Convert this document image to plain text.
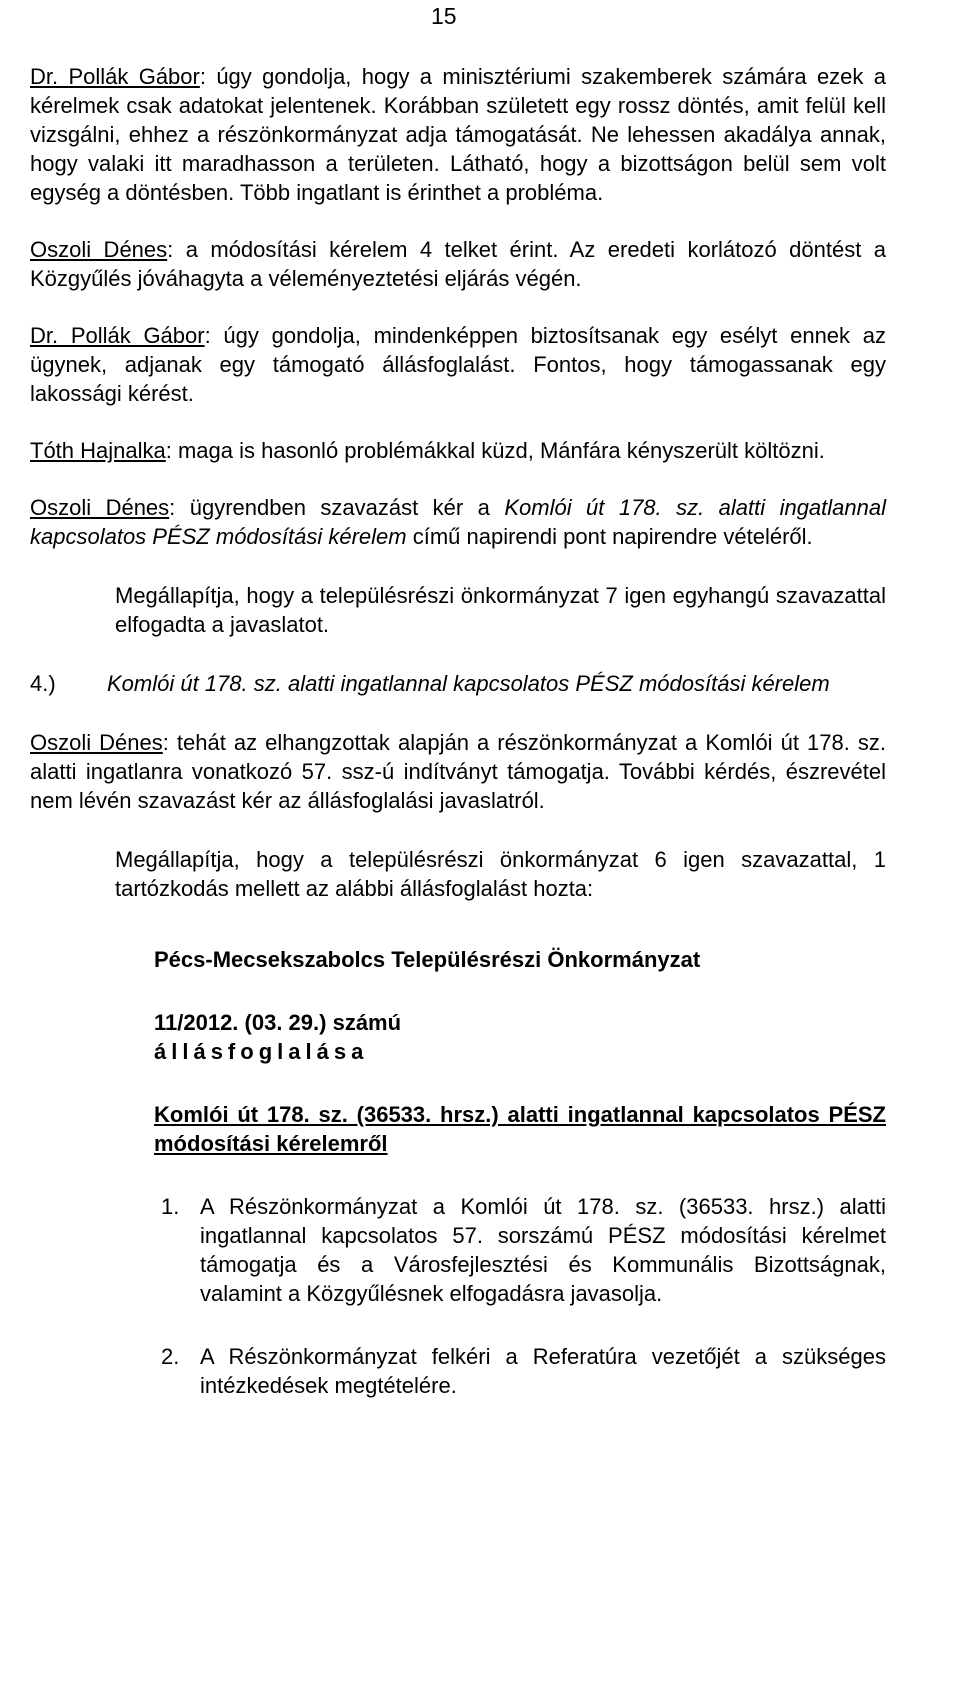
15

Dr. Pollák Gábor: úgy gondolja, hogy a minisztériumi szakemberek számára ezek a kérelmek csak adatokat jelentenek. Korábban született egy rossz döntés, amit felül kell vizsgálni, ehhez a részönkormányzat adja támogatását. Ne lehessen akadálya annak, hogy valaki itt maradhasson a területen. Látható, hogy a bizottságon belül sem volt egység a döntésben. Több ingatlant is érinthet a probléma.

Oszoli Dénes: a módosítási kérelem 4 telket érint. Az eredeti korlátozó döntést a Közgyűlés jóváhagyta a véleményeztetési eljárás végén.

Dr. Pollák Gábor: úgy gondolja, mindenképpen biztosítsanak egy esélyt ennek az ügynek, adjanak egy támogató állásfoglalást. Fontos, hogy támogassanak egy lakossági kérést.

Tóth Hajnalka: maga is hasonló problémákkal küzd, Mánfára kényszerült költözni.

Oszoli Dénes: ügyrendben szavazást kér a Komlói út 178. sz. alatti ingatlannal kapcsolatos PÉSZ módosítási kérelem című napirendi pont napirendre vételéről.

Megállapítja, hogy a településrészi önkormányzat 7 igen egyhangú szavazattal elfogadta a javaslatot.

4.)	Komlói út 178. sz. alatti ingatlannal kapcsolatos PÉSZ módosítási kérelem

Oszoli Dénes: tehát az elhangzottak alapján a részönkormányzat a Komlói út 178. sz. alatti ingatlanra vonatkozó 57. ssz-ú indítványt támogatja. További kérdés, észrevétel nem lévén szavazást kér az állásfoglalási javaslatról.

Megállapítja, hogy a településrészi önkormányzat 6 igen szavazattal, 1 tartózkodás mellett az alábbi állásfoglalást hozta:

Pécs-Mecsekszabolcs Településrészi Önkormányzat

11/2012. (03. 29.) számú

állásfoglalása

Komlói út 178. sz. (36533. hrsz.) alatti ingatlannal kapcsolatos PÉSZ módosítási kérelemről

1. A Részönkormányzat a Komlói út 178. sz. (36533. hrsz.) alatti ingatlannal kapcsolatos 57. sorszámú PÉSZ módosítási kérelmet támogatja és a Városfejlesztési és Kommunális Bizottságnak, valamint a Közgyűlésnek elfogadásra javasolja.
2. A Részönkormányzat felkéri a Referatúra vezetőjét a szükséges intézkedések megtételére.
